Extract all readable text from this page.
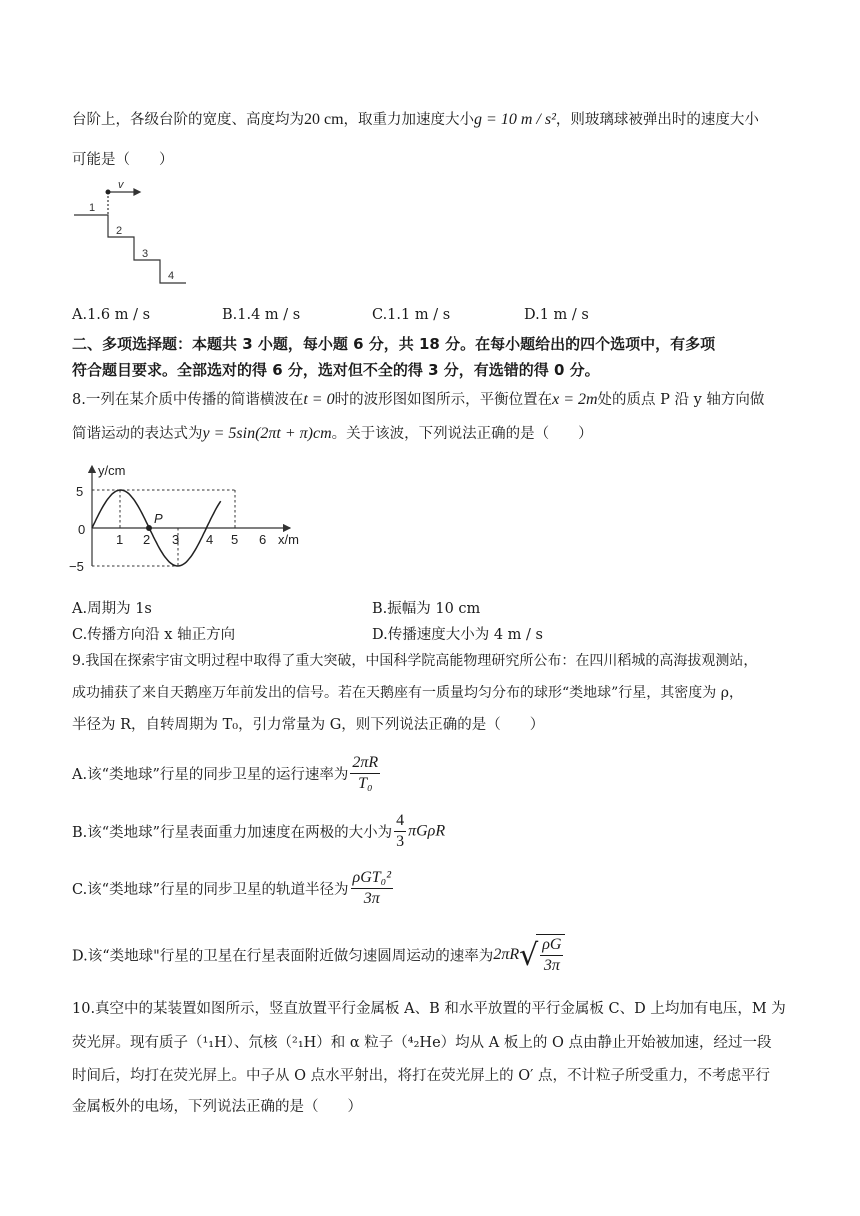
台阶上，各级台阶的宽度、高度均为20 cm，取重力加速度大小g = 10 m / s²，则玻璃球被弹出时的速度大小
可能是（　　）
v
1
2
3
4
A.1.6 m / s	B.1.4 m / s	C.1.1 m / s	D.1 m / s
二、多项选择题：本题共 3 小题，每小题 6 分，共 18 分。在每小题给出的四个选项中，有多项
符合题目要求。全部选对的得 6 分，选对但不全的得 3 分，有选错的得 0 分。
8.一列在某介质中传播的简谐横波在t = 0时的波形图如图所示，平衡位置在x = 2m处的质点 P 沿 y 轴方向做
简谐运动的表达式为y = 5sin(2πt + π)cm。关于该波，下列说法正确的是（　　）
P
y/cm
x/m
5
0
−5
1 2 3 4 5 6
A.周期为 1s	B.振幅为 10 cm
C.传播方向沿 x 轴正方向	D.传播速度大小为 4 m / s
9.我国在探索宇宙文明过程中取得了重大突破，中国科学院高能物理研究所公布：在四川稻城的高海拔观测站，
成功捕获了来自天鹅座万年前发出的信号。若在天鹅座有一质量均匀分布的球形“类地球”行星，其密度为 ρ，
半径为 R，自转周期为 T₀，引力常量为 G，则下列说法正确的是（　　）
A.该“类地球”行星的同步卫星的运行速率为 $\frac{2\pi R}{\text{T₀}}$
B.该“类地球”行星表面重力加速度在两极的大小为 $\frac{4}{3}$ πGρR
C.该“类地球”行星的同步卫星的轨道半径为 $\frac{\text{ρGT₀²}}{3\pi}$
D.该“类地球"行星的卫星在行星表面附近做匀速圆周运动的速率为$2\pi R√ \frac{\rho G}{3\pi}$
10.真空中的某装置如图所示，竖直放置平行金属板 A、B 和水平放置的平行金属板 C、D 上均加有电压，M 为
荧光屏。现有质子（¹₁H）、氘核（²₁H）和 α 粒子（⁴₂He）均从 A 板上的 O 点由静止开始被加速，经过一段
时间后，均打在荧光屏上。中子从 O 点水平射出，将打在荧光屏上的 O′ 点，不计粒子所受重力，不考虑平行
金属板外的电场，下列说法正确的是（　　）
